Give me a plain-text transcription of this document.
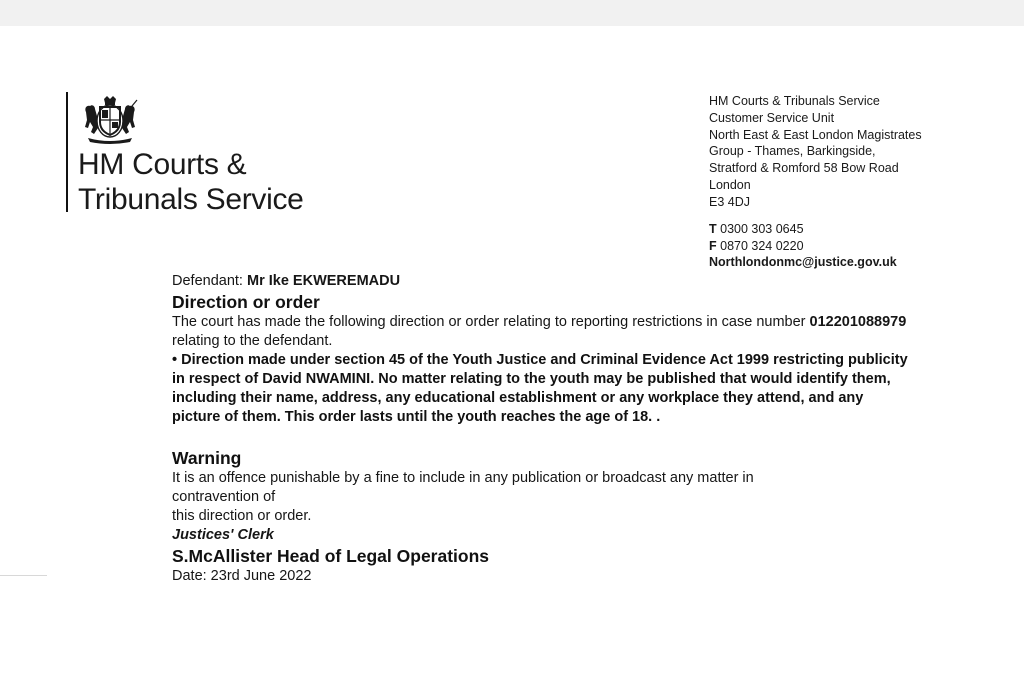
HM Courts &
Tribunals Service
HM Courts & Tribunals Service
Customer Service Unit
North East & East London Magistrates
Group - Thames, Barkingside,
Stratford & Romford 58 Bow Road
London
E3 4DJ
T 0300 303 0645
F 0870 324 0220
Northlondonmc@justice.gov.uk
Defendant: Mr Ike EKWEREMADU
Direction or order

The court has made the following direction or order relating to reporting restrictions in case number 012201088979 relating to the defendant.

• Direction made under section 45 of the Youth Justice and Criminal Evidence Act 1999 restricting publicity in respect of David NWAMINI. No matter relating to the youth may be published that would identify them, including their name, address, any educational establishment or any workplace they attend, and any picture of them. This order lasts until the youth reaches the age of 18. .

Warning
It is an offence punishable by a fine to include in any publication or broadcast any matter in
contravention of
this direction or order.
Justices' Clerk
S.McAllister Head of Legal Operations
Date: 23rd June 2022
